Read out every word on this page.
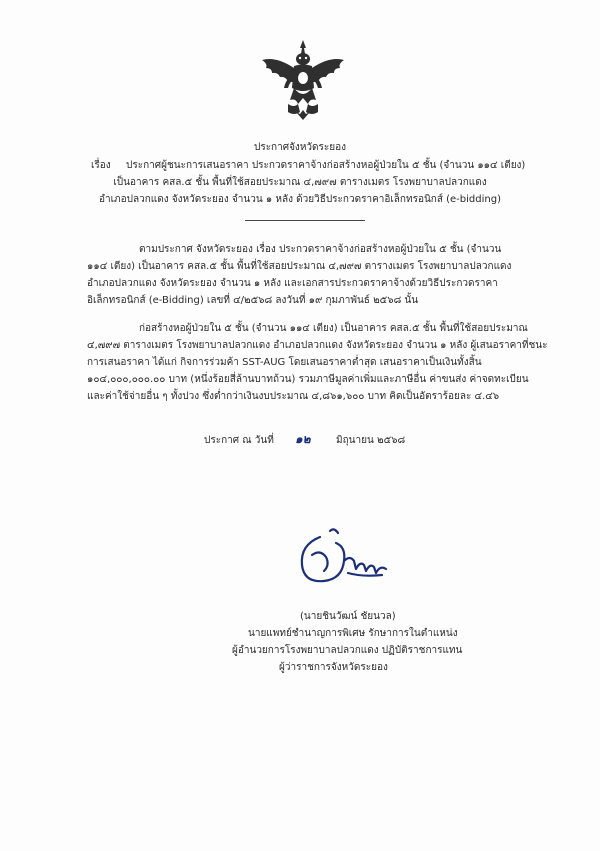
ประกาศจังหวัดระยอง
เรื่อง ประกาศผู้ชนะการเสนอราคา ประกวดราคาจ้างก่อสร้างหอผู้ป่วยใน ๕ ชั้น (จำนวน ๑๑๔ เตียง)
เป็นอาคาร คสล.๕ ชั้น พื้นที่ใช้สอยประมาณ ๔,๗๙๗ ตารางเมตร โรงพยาบาลปลวกแดง
อำเภอปลวกแดง จังหวัดระยอง จำนวน ๑ หลัง ด้วยวิธีประกวดราคาอิเล็กทรอนิกส์ (e-bidding)
ตามประกาศ จังหวัดระยอง เรื่อง ประกวดราคาจ้างก่อสร้างหอผู้ป่วยใน ๕ ชั้น (จำนวน
๑๑๔ เตียง) เป็นอาคาร คสล.๕ ชั้น พื้นที่ใช้สอยประมาณ ๔,๗๙๗ ตารางเมตร โรงพยาบาลปลวกแดง
อำเภอปลวกแดง จังหวัดระยอง จำนวน ๑ หลัง และเอกสารประกวดราคาจ้างด้วยวิธีประกวดราคา
อิเล็กทรอนิกส์ (e-Bidding) เลขที่ ๔/๒๕๖๘ ลงวันที่ ๑๙ กุมภาพันธ์ ๒๕๖๘ นั้น
ก่อสร้างหอผู้ป่วยใน ๕ ชั้น (จำนวน ๑๑๔ เตียง) เป็นอาคาร คสล.๕ ชั้น พื้นที่ใช้สอยประมาณ
๔,๗๙๗ ตารางเมตร โรงพยาบาลปลวกแดง อำเภอปลวกแดง จังหวัดระยอง จำนวน ๑ หลัง ผู้เสนอราคาที่ชนะ
การเสนอราคา ได้แก่ กิจการร่วมค้า SST-AUG โดยเสนอราคาต่ำสุด เสนอราคาเป็นเงินทั้งสิ้น
๑๐๔,๐๐๐,๐๐๐.๐๐ บาท (หนึ่งร้อยสี่ล้านบาทถ้วน) รวมภาษีมูลค่าเพิ่มและภาษีอื่น ค่าขนส่ง ค่าจดทะเบียน
และค่าใช้จ่ายอื่น ๆ ทั้งปวง ซึ่งต่ำกว่าเงินงบประมาณ ๔,๘๖๑,๖๐๐ บาท คิดเป็นอัตราร้อยละ ๔.๔๖
ประกาศ ณ วันที่ ๑๒	มิถุนายน ๒๕๖๘
(นายชินวัฒน์ ชัยนวล)
นายแพทย์ชำนาญการพิเศษ รักษาการในตำแหน่ง
ผู้อำนวยการโรงพยาบาลปลวกแดง ปฏิบัติราชการแทน
ผู้ว่าราชการจังหวัดระยอง
